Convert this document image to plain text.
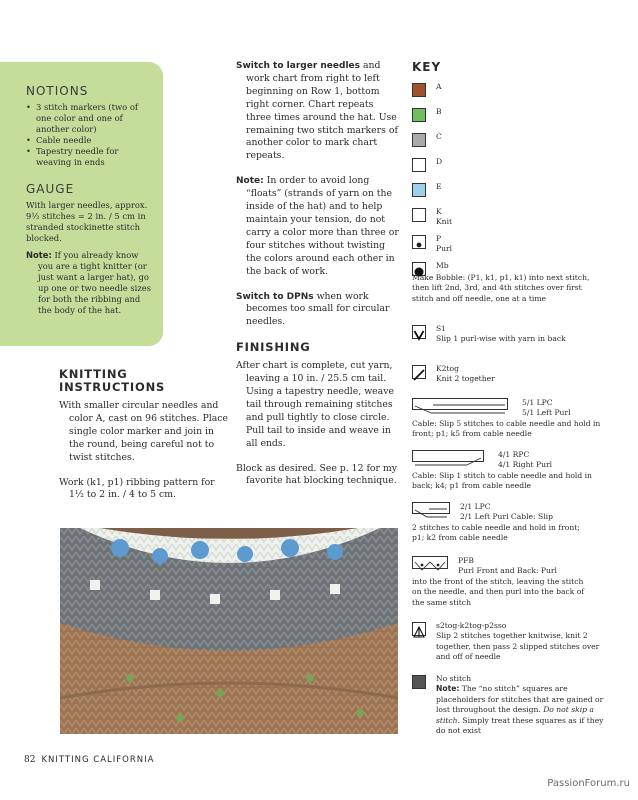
NOTIONS
• 3 stitch markers (two of one color and one of another color)
• Cable needle
• Tapestry needle for weaving in ends
GAUGE

With larger needles, approx. 9½ stitches = 2 in. / 5 cm in stranded stockinette stitch blocked.

Note: If you already know you are a tight knitter (or just want a larger hat), go up one or two needle sizes for both the ribbing and the body of the hat.

KNITTING
INSTRUCTIONS

With smaller circular needles and color A, cast on 96 stitches. Place single color marker and join in the round, being careful not to twist stitches.

Work (k1, p1) ribbing pattern for 1½ to 2 in. / 4 to 5 cm.

Switch to larger needles and work chart from right to left beginning on Row 1, bottom right corner. Chart repeats three times around the hat. Use remaining two stitch markers of another color to mark chart repeats.

Note: In order to avoid long “floats” (strands of yarn on the inside of the hat) and to help maintain your tension, do not carry a color more than three or four stitches without twisting the colors around each other in the back of work.

Switch to DPNs when work becomes too small for circular needles.

FINISHING

After chart is complete, cut yarn, leaving a 10 in. / 25.5 cm tail. Using a tapestry needle, weave tail through remaining stitches and pull tightly to close circle. Pull tail to inside and weave in all ends.

Block as desired. See p. 12 for my favorite hat blocking technique.

KEY
A
B
C
D
E
K
Knit
P
Purl
Mb

Make Bobble: (P1, k1, p1, k1) into next stitch, then lift 2nd, 3rd, and 4th stitches over first stitch and off needle, one at a time

S1
Slip 1 purl-wise with yarn in back
K2tog
Knit 2 together
5/1 LPC
5/1 Left Purl

Cable: Slip 5 stitches to cable needle and hold in front; p1; k5 from cable needle

4/1 RPC
4/1 Right Purl

Cable: Slip 1 stitch to cable needle and hold in back; k4; p1 from cable needle

2/1 LPC
2/1 Left Purl Cable: Slip

2 stitches to cable needle and hold in front; p1; k2 from cable needle

PFB
Purl Front and Back: Purl

into the front of the stitch, leaving the stitch on the needle, and then purl into the back of the same stitch

s2tog-k2tog-p2sso
Slip 2 stitches together knitwise, knit 2 together, then pass 2 slipped stitches over and off of needle
No stitch
Note: The “no stitch” squares are placeholders for stitches that are gained or lost throughout the design. Do not skip a stitch. Simply treat these squares as if they do not exist
82 KNITTING CALIFORNIA
PassionForum.ru
